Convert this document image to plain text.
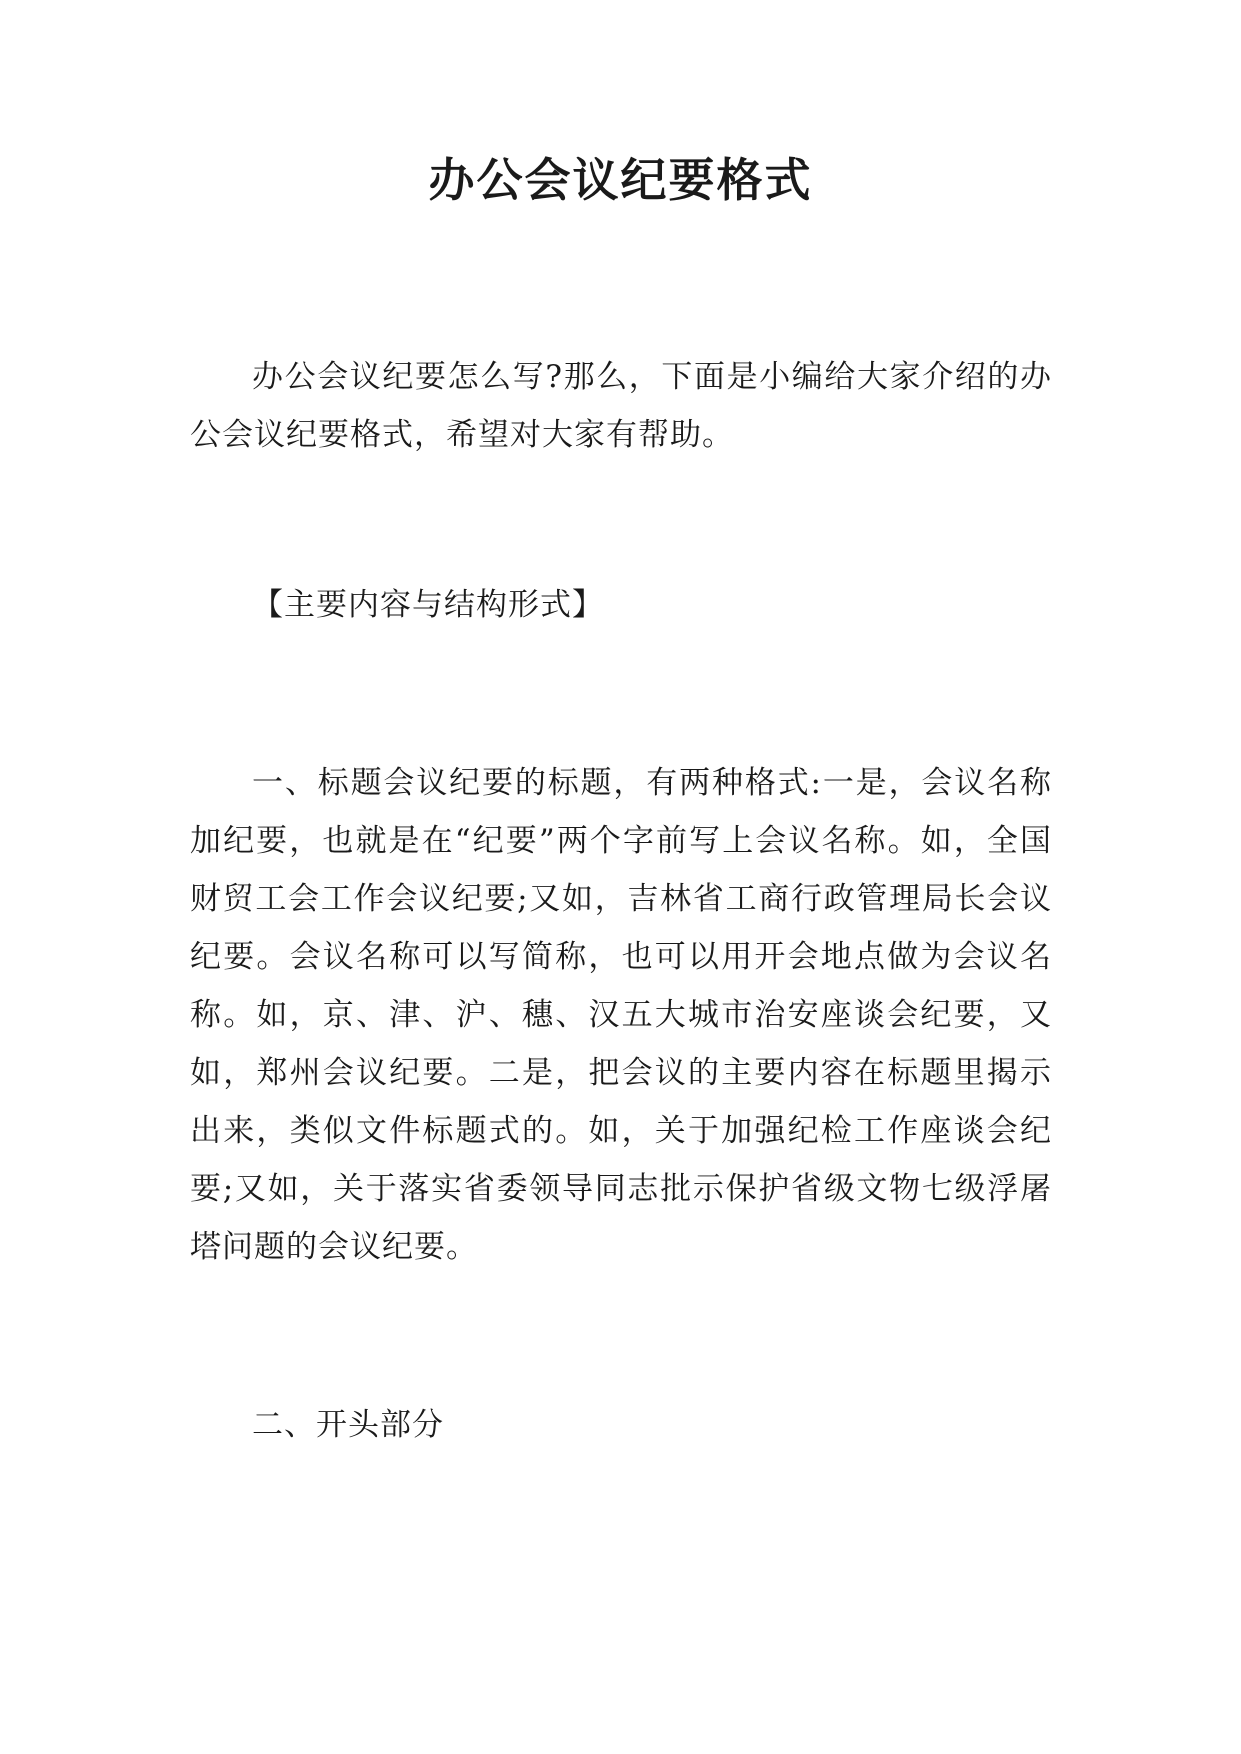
办公会议纪要格式

办公会议纪要怎么写?那么，下面是小编给大家介绍的办公会议纪要格式，希望对大家有帮助。

【主要内容与结构形式】

一、标题会议纪要的标题，有两种格式:一是，会议名称加纪要，也就是在“纪要”两个字前写上会议名称。如，全国财贸工会工作会议纪要;又如，吉林省工商行政管理局长会议纪要。会议名称可以写简称，也可以用开会地点做为会议名称。如，京、津、沪、穗、汉五大城市治安座谈会纪要，又如，郑州会议纪要。二是，把会议的主要内容在标题里揭示出来，类似文件标题式的。如，关于加强纪检工作座谈会纪要;又如，关于落实省委领导同志批示保护省级文物七级浮屠塔问题的会议纪要。

二、开头部分
